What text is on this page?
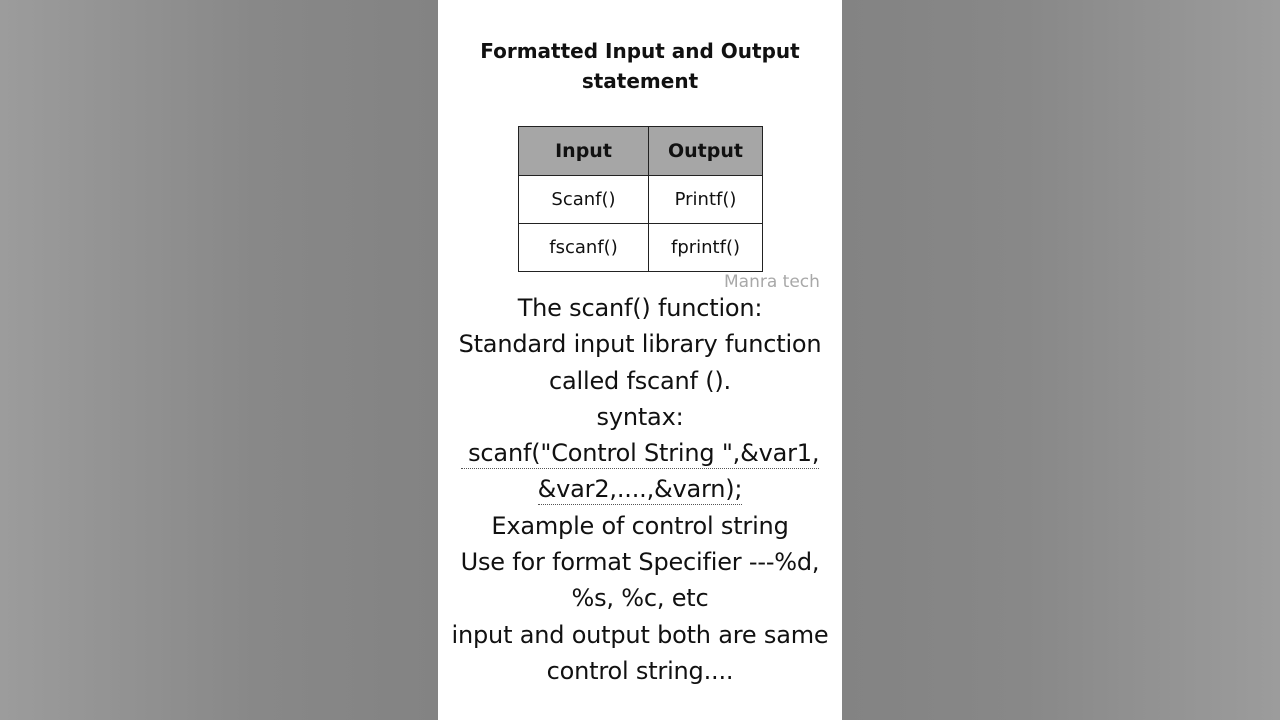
Formatted Input and Output
statement
Input	Output
Scanf()	Printf()
fscanf()	fprintf()
Manra tech
The scanf() function:
Standard input library function
called fscanf ().
syntax:
scanf("Control String ",&var1,
&var2,....,&varn);
Example of control string
Use for format Specifier ---%d,
%s, %c, etc
input and output both are same
control string....
